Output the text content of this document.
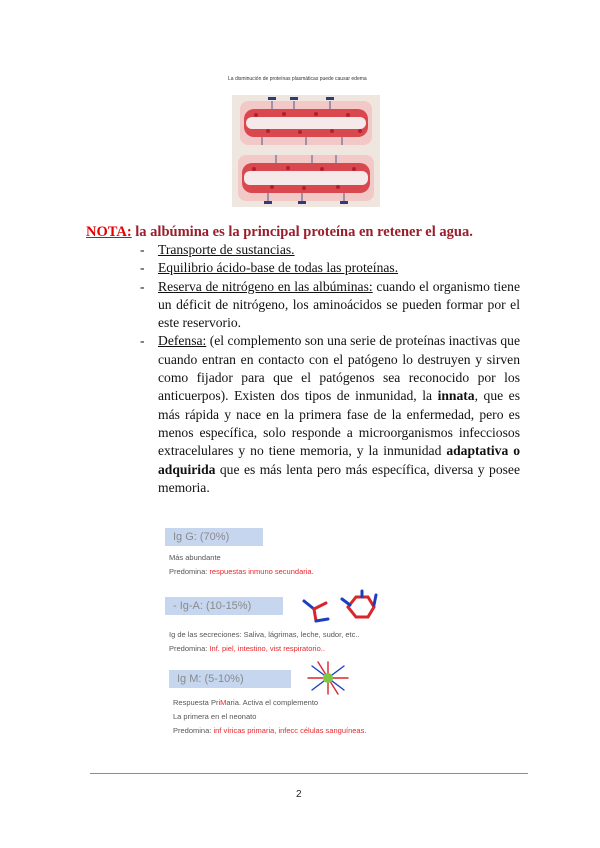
La disminución de proteínas plasmáticas puede causar edema
NOTA: la albúmina es la principal proteína en retener el agua.
- Transporte de sustancias.
- Equilibrio ácido-base de todas las proteínas.
- Reserva de nitrógeno en las albúminas: cuando el organismo tiene un déficit de nitrógeno, los aminoácidos se pueden formar por el este reservorio.
- Defensa: (el complemento son una serie de proteínas inactivas que cuando entran en contacto con el patógeno lo destruyen y sirven como fijador para que el patógenos sea reconocido por los anticuerpos). Existen dos tipos de inmunidad, la innata, que es más rápida y nace en la primera fase de la enfermedad, pero es menos específica, solo responde a microorganismos infecciosos extracelulares y no tiene memoria, y la inmunidad adaptativa o adquirida que es más lenta pero más específica, diversa y posee memoria.
Ig G: (70%)
Más abundante
Predomina: respuestas inmuno secundaria.
- Ig-A: (10-15%)
Ig de las secreciones: Saliva, lágrimas, leche, sudor, etc..
Predomina: Inf. piel, intestino, vist respiratorio..
Ig M: (5-10%)
Respuesta PriMaria. Activa el complemento
La primera en el neonato
Predomina: inf víricas primaria, infecc células sanguíneas.
2
